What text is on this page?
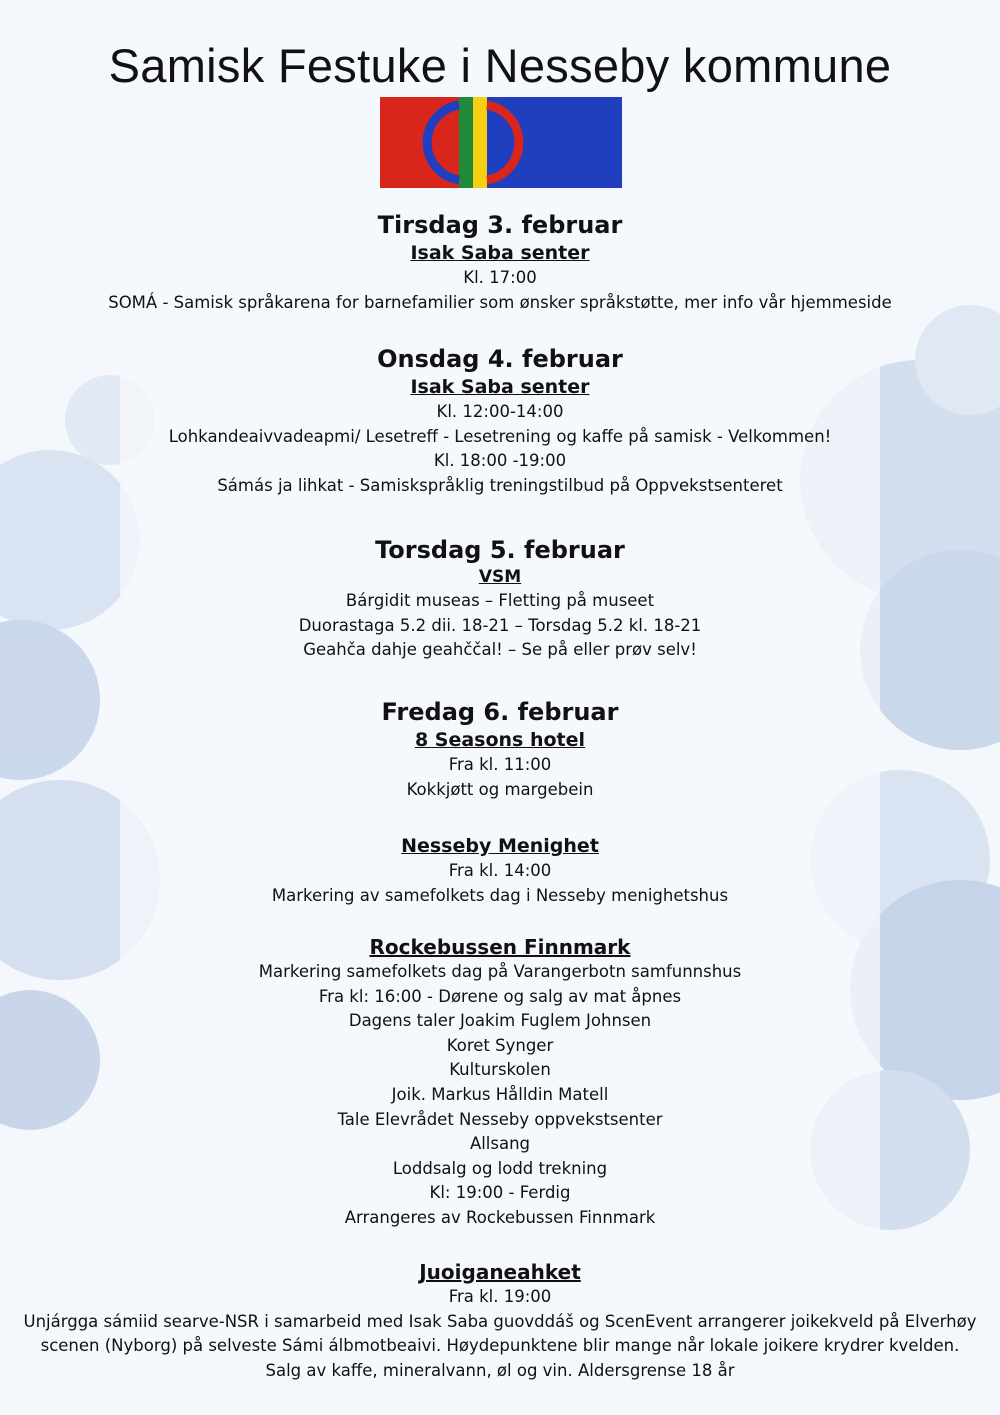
Samisk Festuke i Nesseby kommune

Tirsdag 3. februar

Isak Saba senter

Kl. 17:00

SOMÁ - Samisk språkarena for barnefamilier som ønsker språkstøtte, mer info vår hjemmeside

Onsdag 4. februar

Isak Saba senter

Kl. 12:00-14:00

Lohkandeaivvadeapmi/ Lesetreff - Lesetrening og kaffe på samisk - Velkommen!

Kl. 18:00 -19:00

Sámás ja lihkat - Samiskspråklig treningstilbud på Oppvekstsenteret

Torsdag 5. februar

VSM

Bárgidit museas – Fletting på museet

Duorastaga 5.2 dii. 18-21 – Torsdag 5.2 kl. 18-21

Geahča dahje geahččal! – Se på eller prøv selv!

Fredag 6. februar

8 Seasons hotel

Fra kl. 11:00

Kokkjøtt og margebein

Nesseby Menighet

Fra kl. 14:00

Markering av samefolkets dag i Nesseby menighetshus

Rockebussen Finnmark

Markering samefolkets dag på Varangerbotn samfunnshus

Fra kl: 16:00 - Dørene og salg av mat åpnes

Dagens taler Joakim Fuglem Johnsen

Koret Synger

Kulturskolen

Joik. Markus Hålldin Matell

Tale Elevrådet Nesseby oppvekstsenter

Allsang

Loddsalg og lodd trekning

Kl: 19:00 - Ferdig

Arrangeres av Rockebussen Finnmark

Juoiganeahket

Fra kl. 19:00

Unjárgga sámiid searve-NSR i samarbeid med Isak Saba guovddáš og ScenEvent arrangerer joikekveld på Elverhøy scenen (Nyborg) på selveste Sámi álbmotbeaivi. Høydepunktene blir mange når lokale joikere krydrer kvelden.

Salg av kaffe, mineralvann, øl og vin. Aldersgrense 18 år
